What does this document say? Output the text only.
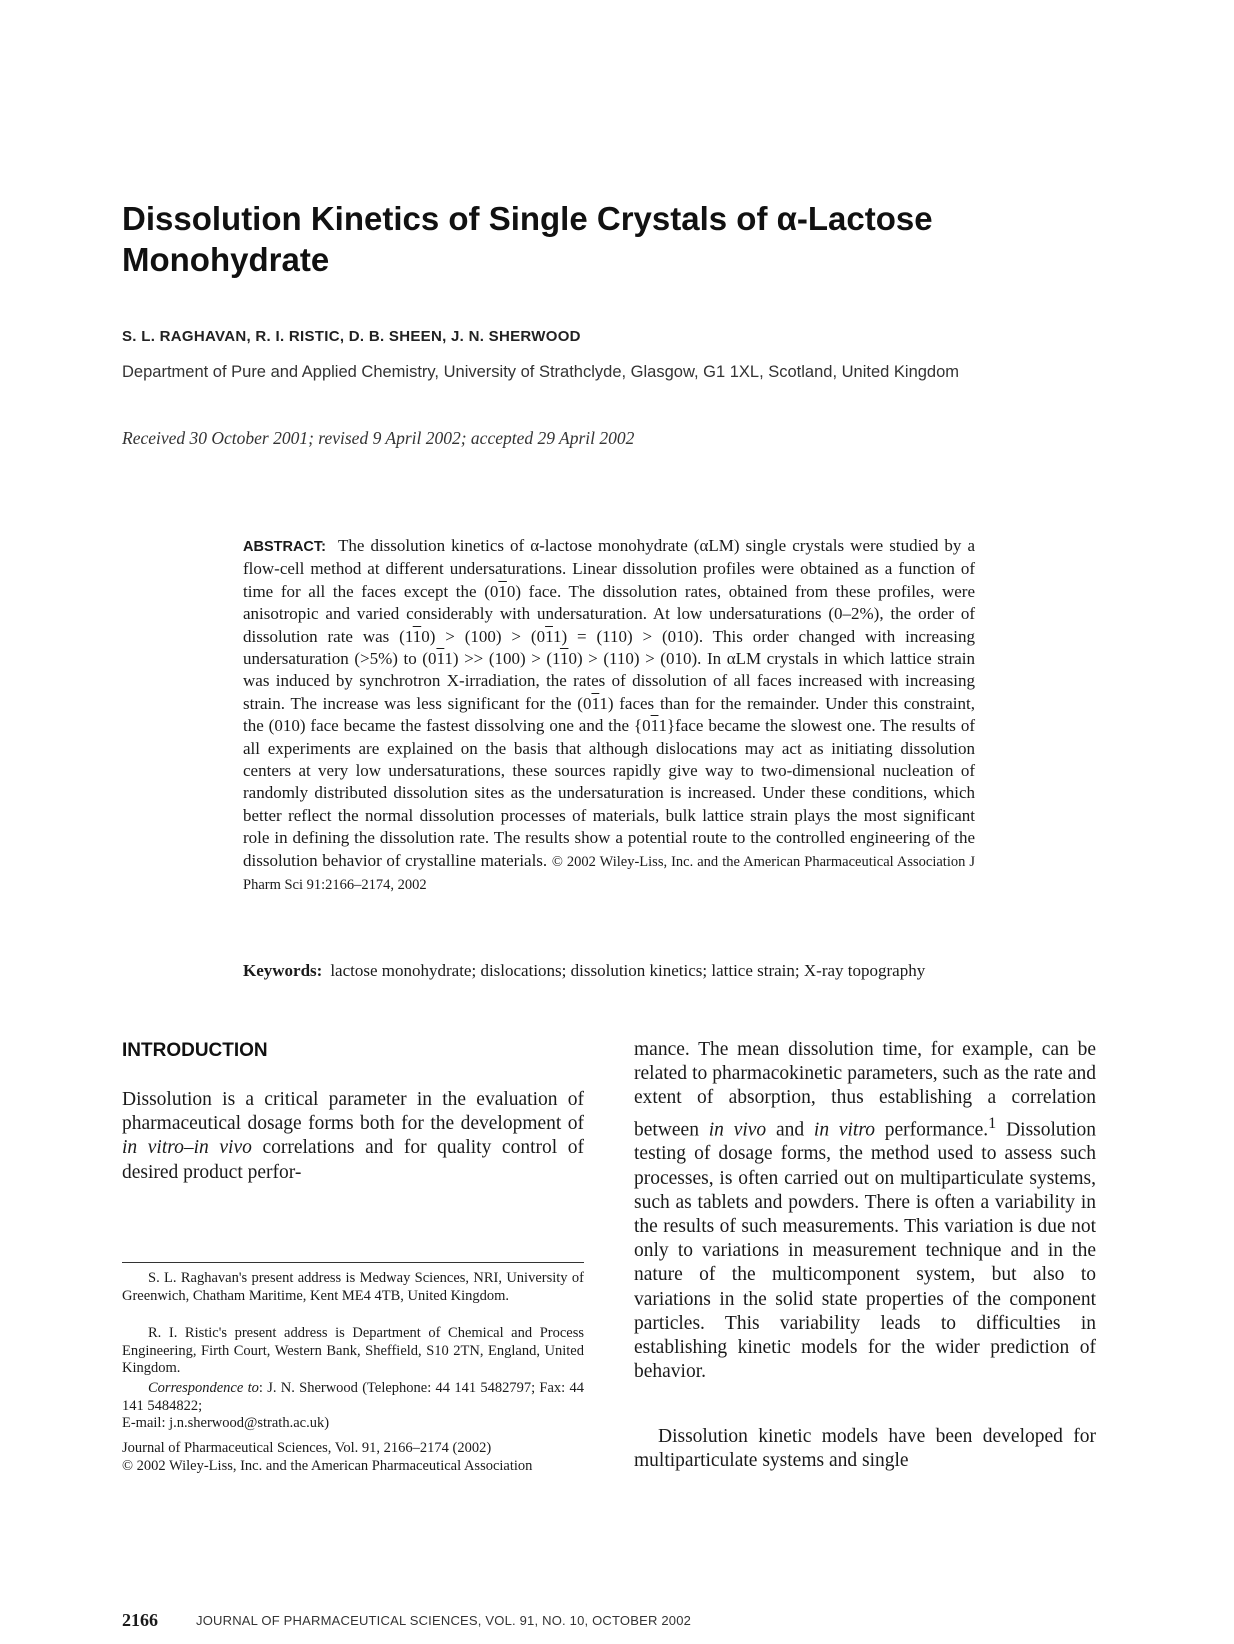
Dissolution Kinetics of Single Crystals of α-Lactose Monohydrate

S. L. RAGHAVAN, R. I. RISTIC, D. B. SHEEN, J. N. SHERWOOD

Department of Pure and Applied Chemistry, University of Strathclyde, Glasgow, G1 1XL, Scotland, United Kingdom

Received 30 October 2001; revised 9 April 2002; accepted 29 April 2002

ABSTRACT: The dissolution kinetics of α-lactose monohydrate (αLM) single crystals were studied by a flow-cell method at different undersaturations. Linear dissolution profiles were obtained as a function of time for all the faces except the (010) face. The dissolution rates, obtained from these profiles, were anisotropic and varied considerably with undersaturation. At low undersaturations (0–2%), the order of dissolution rate was (110) > (100) > (011) = (110) > (010). This order changed with increasing undersaturation (>5%) to (011) >> (100) > (110) > (110) > (010). In αLM crystals in which lattice strain was induced by synchrotron X-irradiation, the rates of dissolution of all faces increased with increasing strain. The increase was less significant for the (011) faces than for the remainder. Under this constraint, the (010) face became the fastest dissolving one and the {011}face became the slowest one. The results of all experiments are explained on the basis that although dislocations may act as initiating dissolution centers at very low undersaturations, these sources rapidly give way to two-dimensional nucleation of randomly distributed dissolution sites as the undersaturation is increased. Under these conditions, which better reflect the normal dissolution processes of materials, bulk lattice strain plays the most significant role in defining the dissolution rate. The results show a potential route to the controlled engineering of the dissolution behavior of crystalline materials. © 2002 Wiley-Liss, Inc. and the American Pharmaceutical Association J Pharm Sci 91:2166–2174, 2002

Keywords: lactose monohydrate; dislocations; dissolution kinetics; lattice strain; X-ray topography

INTRODUCTION

Dissolution is a critical parameter in the evaluation of pharmaceutical dosage forms both for the development of in vitro–in vivo correlations and for quality control of desired product perfor-

mance. The mean dissolution time, for example, can be related to pharmacokinetic parameters, such as the rate and extent of absorption, thus establishing a correlation between in vivo and in vitro performance.$^1$ Dissolution testing of dosage forms, the method used to assess such processes, is often carried out on multiparticulate systems, such as tablets and powders. There is often a variability in the results of such measurements. This variation is due not only to variations in measurement technique and in the nature of the multicomponent system, but also to variations in the solid state properties of the component particles. This variability leads to difficulties in establishing kinetic models for the wider prediction of behavior.

Dissolution kinetic models have been developed for multiparticulate systems and single

S. L. Raghavan's present address is Medway Sciences, NRI, University of Greenwich, Chatham Maritime, Kent ME4 4TB, United Kingdom.

R. I. Ristic's present address is Department of Chemical and Process Engineering, Firth Court, Western Bank, Sheffield, S10 2TN, England, United Kingdom.

Correspondence to: J. N. Sherwood (Telephone: 44 141 5482797; Fax: 44 141 5484822;
E-mail: j.n.sherwood@strath.ac.uk)

Journal of Pharmaceutical Sciences, Vol. 91, 2166–2174 (2002)

© 2002 Wiley-Liss, Inc. and the American Pharmaceutical Association

2166	JOURNAL OF PHARMACEUTICAL SCIENCES, VOL. 91, NO. 10, OCTOBER 2002
